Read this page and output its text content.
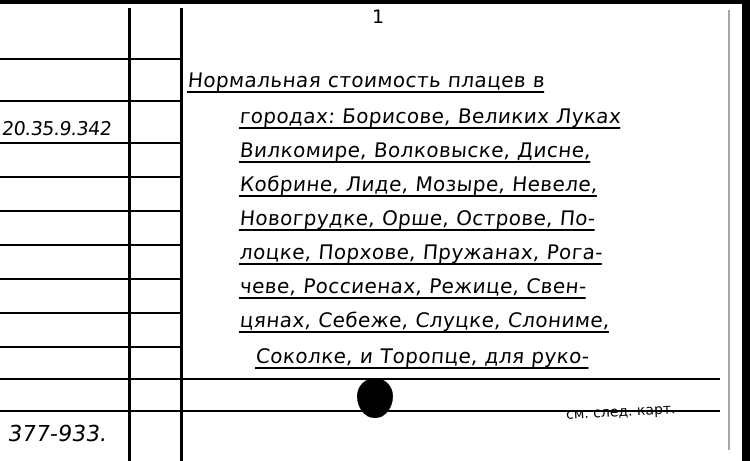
1
20.35.9.342
Нормальная стоимость плацев в
городах: Борисове, Великих Луках
Вилкомире, Волковыске, Дисне,
Кобрине, Лиде, Мозыре, Невеле,
Новогрудке, Орше, Острове, По-
лоцке, Порхове, Пружанах, Рога-
чеве, Россиенах, Режице, Свен-
цянах, Себеже, Слуцке, Слониме,
Соколке, и Торопце, для руко-
377-933.
см. след. карт.
